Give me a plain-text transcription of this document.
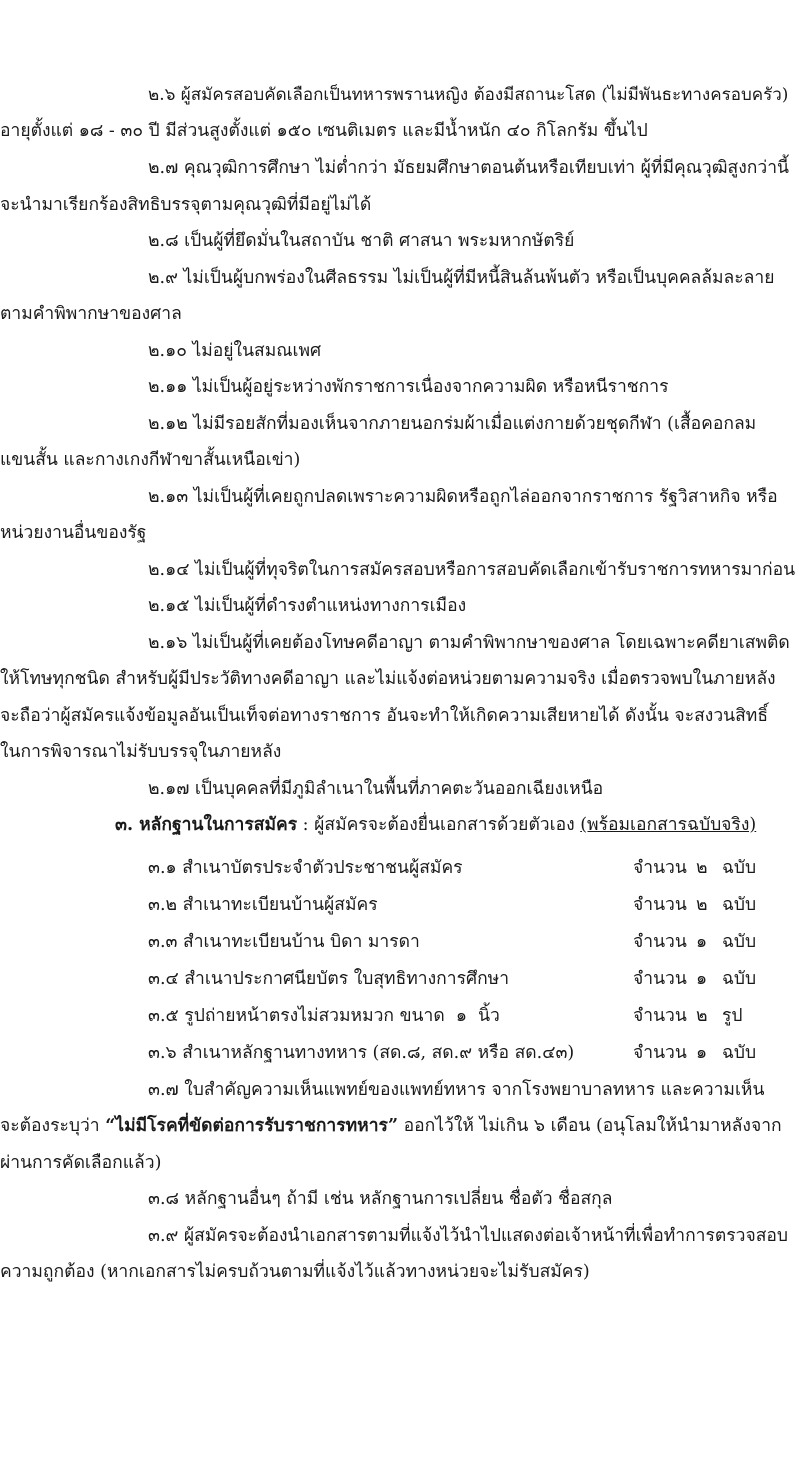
๒.๖ ผู้สมัครสอบคัดเลือกเป็นทหารพรานหญิง ต้องมีสถานะโสด (ไม่มีพันธะทางครอบครัว)
อายุตั้งแต่ ๑๘ - ๓๐ ปี มีส่วนสูงตั้งแต่ ๑๕๐ เซนติเมตร และมีน้ำหนัก ๔๐ กิโลกรัม ขึ้นไป
๒.๗ คุณวุฒิการศึกษา ไม่ต่ำกว่า มัธยมศึกษาตอนต้นหรือเทียบเท่า ผู้ที่มีคุณวุฒิสูงกว่านี้
จะนำมาเรียกร้องสิทธิบรรจุตามคุณวุฒิที่มีอยู่ไม่ได้
๒.๘ เป็นผู้ที่ยึดมั่นในสถาบัน ชาติ ศาสนา พระมหากษัตริย์
๒.๙ ไม่เป็นผู้บกพร่องในศีลธรรม ไม่เป็นผู้ที่มีหนี้สินล้นพ้นตัว หรือเป็นบุคคลล้มละลาย
ตามคำพิพากษาของศาล
๒.๑๐ ไม่อยู่ในสมณเพศ
๒.๑๑ ไม่เป็นผู้อยู่ระหว่างพักราชการเนื่องจากความผิด หรือหนีราชการ
๒.๑๒ ไม่มีรอยสักที่มองเห็นจากภายนอกร่มผ้าเมื่อแต่งกายด้วยชุดกีฬา (เสื้อคอกลม
แขนสั้น และกางเกงกีฬาขาสั้นเหนือเข่า)
๒.๑๓ ไม่เป็นผู้ที่เคยถูกปลดเพราะความผิดหรือถูกไล่ออกจากราชการ รัฐวิสาหกิจ หรือ
หน่วยงานอื่นของรัฐ
๒.๑๔ ไม่เป็นผู้ที่ทุจริตในการสมัครสอบหรือการสอบคัดเลือกเข้ารับราชการทหารมาก่อน
๒.๑๕ ไม่เป็นผู้ที่ดำรงตำแหน่งทางการเมือง
๒.๑๖ ไม่เป็นผู้ที่เคยต้องโทษคดีอาญา ตามคำพิพากษาของศาล โดยเฉพาะคดียาเสพติด
ให้โทษทุกชนิด สำหรับผู้มีประวัติทางคดีอาญา และไม่แจ้งต่อหน่วยตามความจริง เมื่อตรวจพบในภายหลัง
จะถือว่าผู้สมัครแจ้งข้อมูลอันเป็นเท็จต่อทางราชการ อันจะทำให้เกิดความเสียหายได้ ดังนั้น จะสงวนสิทธิ์
ในการพิจารณาไม่รับบรรจุในภายหลัง
๒.๑๗ เป็นบุคคลที่มีภูมิลำเนาในพื้นที่ภาคตะวันออกเฉียงเหนือ
๓. หลักฐานในการสมัคร : ผู้สมัครจะต้องยื่นเอกสารด้วยตัวเอง (พร้อมเอกสารฉบับจริง)
๓.๑ สำเนาบัตรประจำตัวประชาชนผู้สมัคร	จำนวน ๒ ฉบับ
๓.๒ สำเนาทะเบียนบ้านผู้สมัคร	จำนวน ๒ ฉบับ
๓.๓ สำเนาทะเบียนบ้าน บิดา มารดา	จำนวน ๑ ฉบับ
๓.๔ สำเนาประกาศนียบัตร ใบสุทธิทางการศึกษา	จำนวน ๑ ฉบับ
๓.๕ รูปถ่ายหน้าตรงไม่สวมหมวก ขนาด  ๑  นิ้ว	จำนวน ๒ รูป
๓.๖ สำเนาหลักฐานทางทหาร (สด.๘, สด.๙ หรือ สด.๔๓)	จำนวน ๑ ฉบับ
๓.๗ ใบสำคัญความเห็นแพทย์ของแพทย์ทหาร จากโรงพยาบาลทหาร และความเห็น
จะต้องระบุว่า “ไม่มีโรคที่ขัดต่อการรับราชการทหาร” ออกไว้ให้ ไม่เกิน ๖ เดือน (อนุโลมให้นำมาหลังจาก
ผ่านการคัดเลือกแล้ว)
๓.๘ หลักฐานอื่นๆ ถ้ามี เช่น หลักฐานการเปลี่ยน ชื่อตัว ชื่อสกุล
๓.๙ ผู้สมัครจะต้องนำเอกสารตามที่แจ้งไว้นำไปแสดงต่อเจ้าหน้าที่เพื่อทำการตรวจสอบ
ความถูกต้อง (หากเอกสารไม่ครบถ้วนตามที่แจ้งไว้แล้วทางหน่วยจะไม่รับสมัคร)
